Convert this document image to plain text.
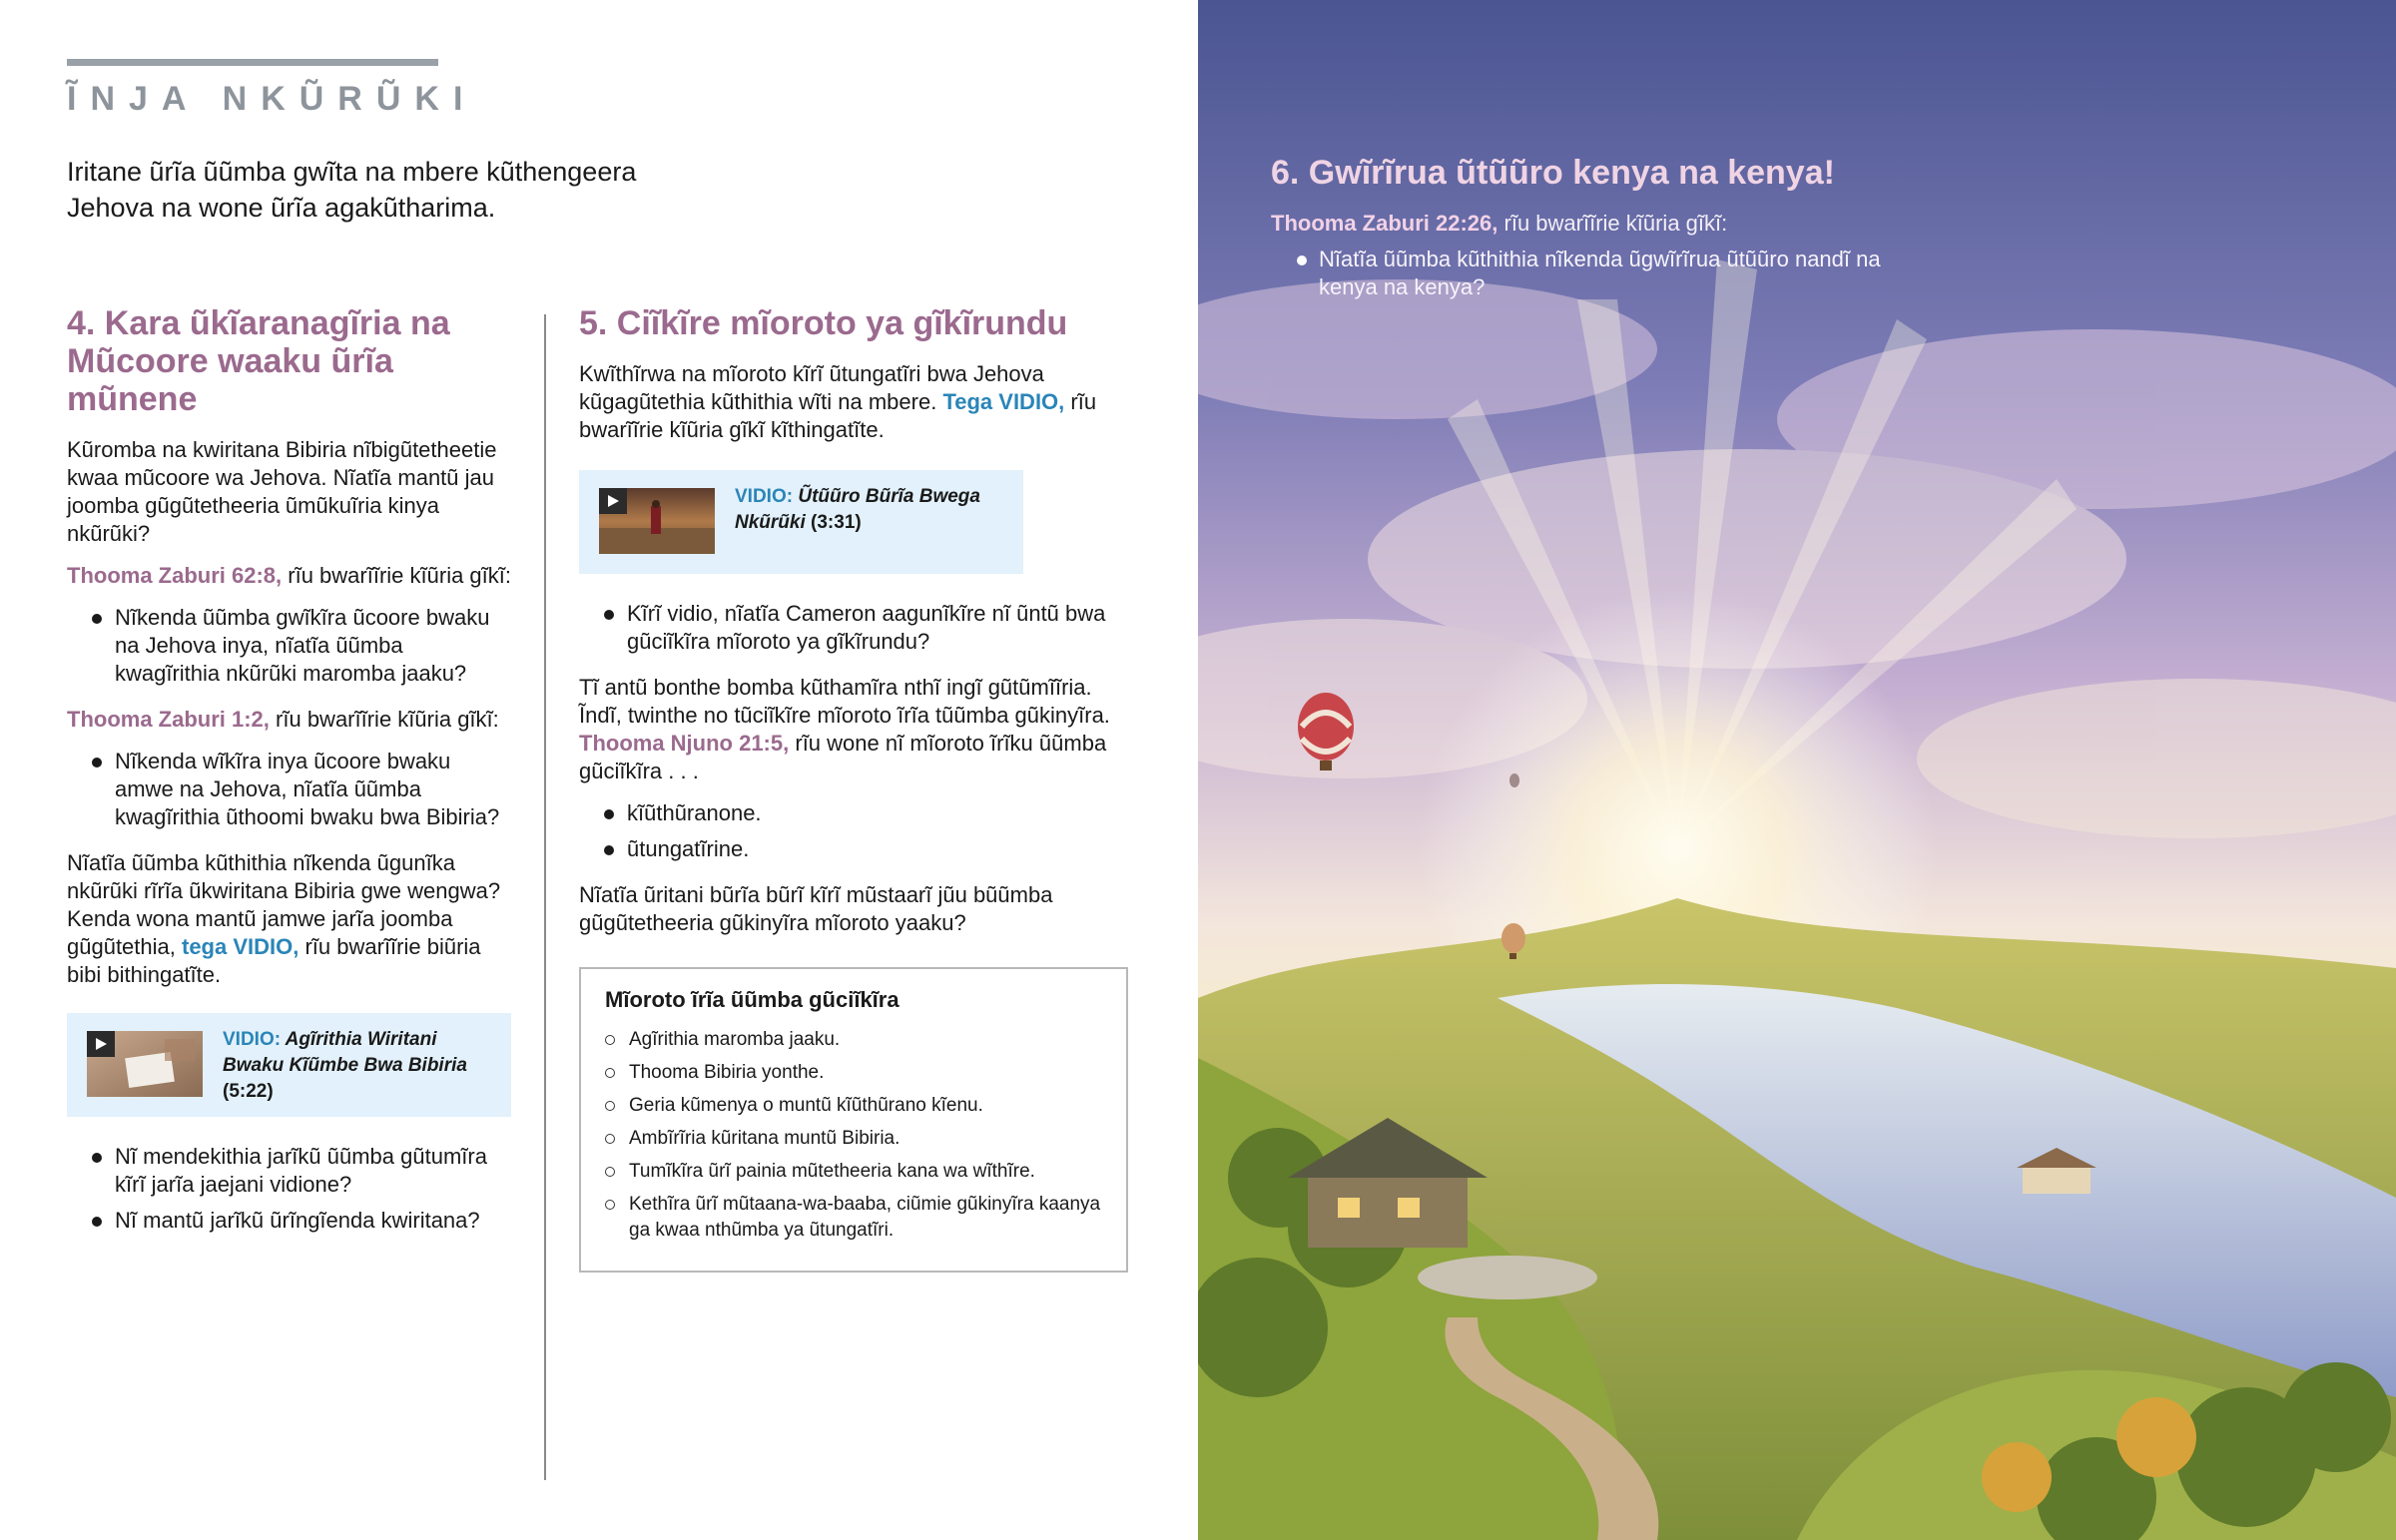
ĨNJA NKŨRŨKI
Iritane ũrĩa ũũmba gwĩta na mbere kũthengeera Jehova na wone ũrĩa agakũtharima.
4. Kara ũkĩaranagĩria na Mũcoore waaku ũrĩa mũnene

Kũromba na kwiritana Bibiria nĩbigũtetheetie kwaa mũcoore wa Jehova. Nĩatĩa mantũ jau joomba gũgũtetheeria ũmũkuĩria kinya nkũrũki?

Thooma Zaburi 62:8, rĩu bwarĩĩrie kĩũria gĩkĩ:

Nĩkenda ũũmba gwĩkĩra ũcoore bwaku na Jehova inya, nĩatĩa ũũmba kwagĩrithia nkũrũki maromba jaaku?

Thooma Zaburi 1:2, rĩu bwarĩĩrie kĩũria gĩkĩ:

Nĩkenda wĩkĩra inya ũcoore bwaku amwe na Jehova, nĩatĩa ũũmba kwagĩrithia ũthoomi bwaku bwa Bibiria?

Nĩatĩa ũũmba kũthithia nĩkenda ũgunĩka nkũrũki rĩrĩa ũkwiritana Bibiria gwe wengwa? Kenda wona mantũ jamwe jarĩa joomba gũgũtethia, tega VIDIO, rĩu bwarĩĩrie biũria bibi bithingatĩte.

VIDIO: Agĩrithia Wiritani Bwaku Kĩũmbe Bwa Bibiria (5:22)
Nĩ mendekithia jarĩkũ ũũmba gũtumĩra kĩrĩ jarĩa jaejani vidione?
Nĩ mantũ jarĩkũ ũrĩngĩenda kwiritana?
5. Ciĩkĩre mĩoroto ya gĩkĩrundu

Kwĩthĩrwa na mĩoroto kĩrĩ ũtungatĩri bwa Jehova kũgagũtethia kũthithia wĩti na mbere. Tega VIDIO, rĩu bwarĩĩrie kĩũria gĩkĩ kĩthingatĩte.

VIDIO: Ũtũũro Bũrĩa Bwega Nkũrũki (3:31)
Kĩrĩ vidio, nĩatĩa Cameron aagunĩkĩre nĩ ũntũ bwa gũciĩkĩra mĩoroto ya gĩkĩrundu?

Tĩ antũ bonthe bomba kũthamĩra nthĩ ingĩ gũtũmĩĩria. Ĩndĩ, twinthe no tũciĩkĩre mĩoroto ĩrĩa tũũmba gũkinyĩra. Thooma Njuno 21:5, rĩu wone nĩ mĩoroto ĩrĩku ũũmba gũciĩkĩra . . .

kĩũthũranone.
ũtungatĩrine.

Nĩatĩa ũritani bũrĩa bũrĩ kĩrĩ mũstaarĩ jũu bũũmba gũgũtetheeria gũkinyĩra mĩoroto yaaku?

Mĩoroto ĩrĩa ũũmba gũciĩkĩra
Agĩrithia maromba jaaku.
Thooma Bibiria yonthe.
Geria kũmenya o muntũ kĩũthũrano kĩenu.
Ambĩrĩria kũritana muntũ Bibiria.
Tumĩkĩra ũrĩ painia mũtetheeria kana wa wĩthĩre.
Kethĩra ũrĩ mũtaana-wa-baaba, ciũmie gũkinyĩra kaanya ga kwaa nthũmba ya ũtungatĩri.
6. Gwĩrĩrua ũtũũro kenya na kenya!

Thooma Zaburi 22:26, rĩu bwarĩĩrie kĩũria gĩkĩ:

Nĩatĩa ũũmba kũthithia nĩkenda ũgwĩrĩrua ũtũũro nandĩ na kenya na kenya?
